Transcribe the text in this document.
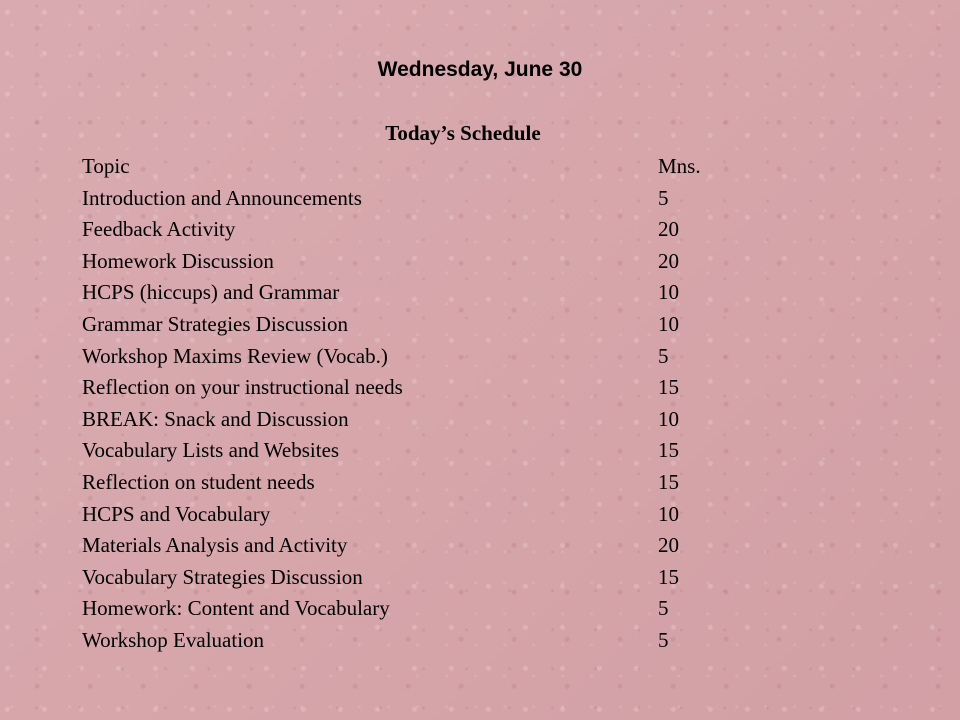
Wednesday, June 30
Today’s Schedule
Topic	Mns.
Introduction and Announcements	5
Feedback Activity	20
Homework Discussion	20
HCPS (hiccups) and Grammar	10
Grammar Strategies Discussion	10
Workshop Maxims Review (Vocab.)	5
Reflection on your instructional needs	15
BREAK: Snack and Discussion	10
Vocabulary Lists and Websites	15
Reflection on student needs	15
HCPS and Vocabulary	10
Materials Analysis and Activity	20
Vocabulary Strategies Discussion	15
Homework: Content and Vocabulary	5
Workshop Evaluation	5
